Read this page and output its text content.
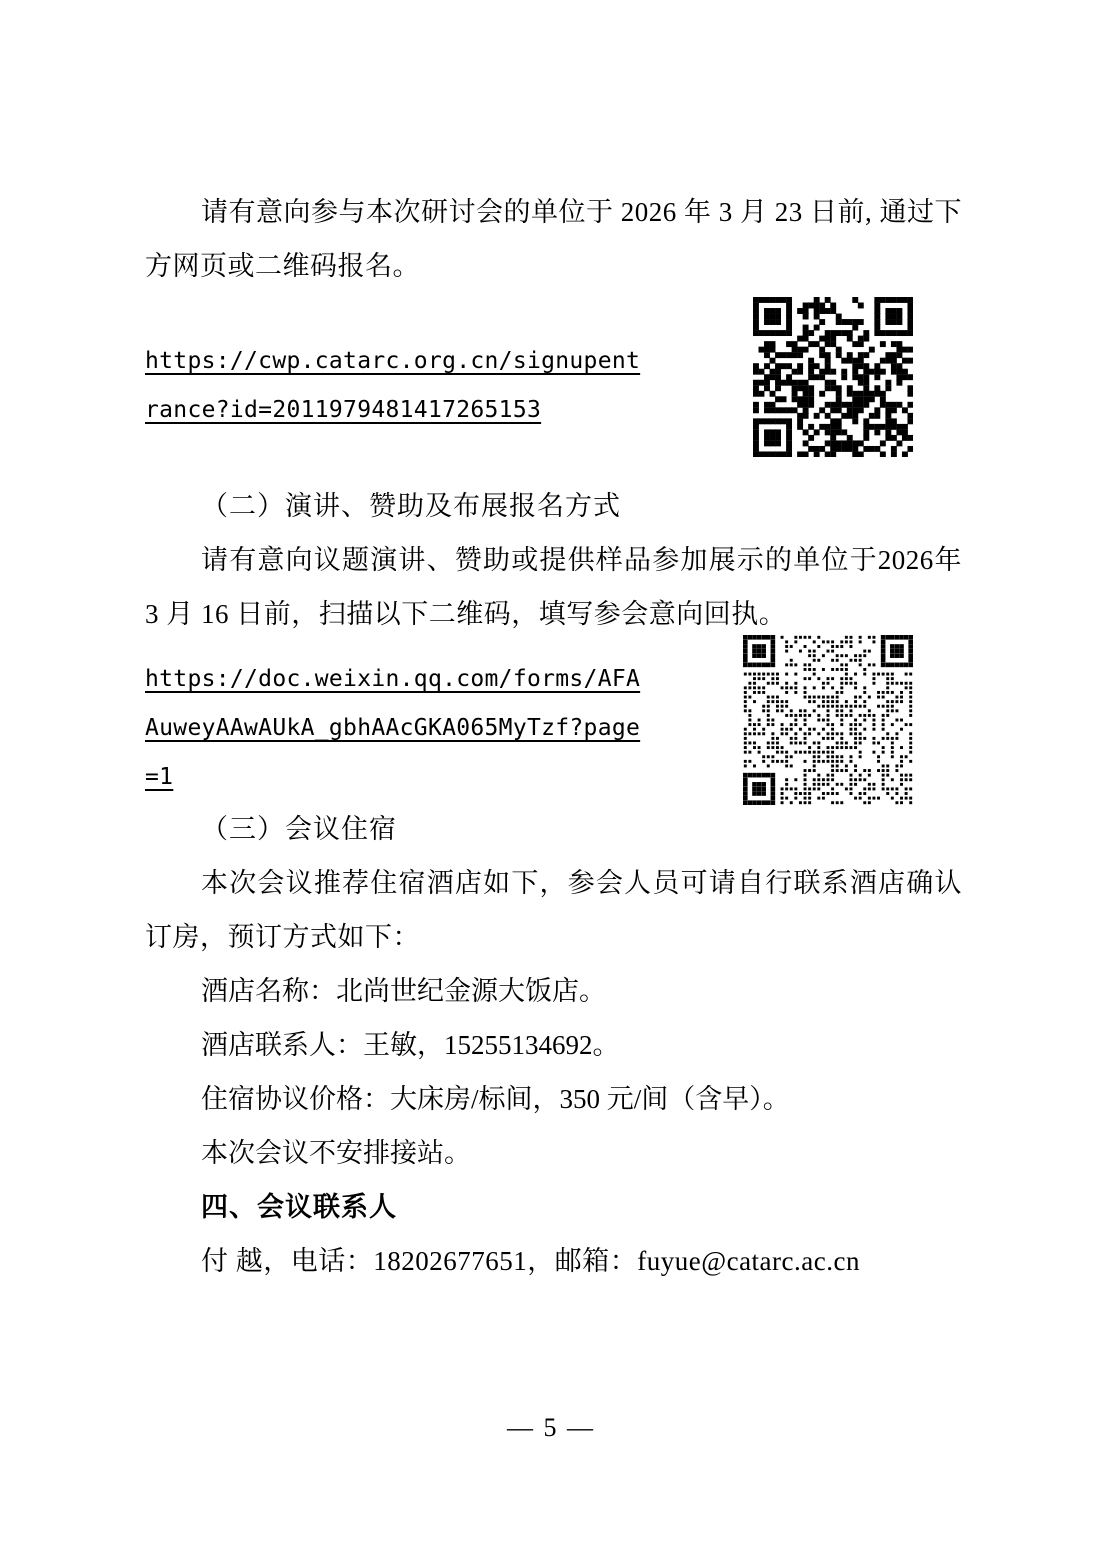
请有意向参与本次研讨会的单位于 2026 年 3 月 23 日前, 通过下方网页或二维码报名。

https://cwp.catarc.org.cn/signupent
rance?id=2011979481417265153

（二）演讲、赞助及布展报名方式

请有意向议题演讲、赞助或提供样品参加展示的单位于2026年 3 月 16 日前，扫描以下二维码，填写参会意向回执。

https://doc.weixin.qq.com/forms/AFA
AuweyAAwAUkA_gbhAAcGKA065MyTzf?page
=1

（三）会议住宿

本次会议推荐住宿酒店如下，参会人员可请自行联系酒店确认订房，预订方式如下：

酒店名称：北尚世纪金源大饭店。

酒店联系人：王敏，15255134692。

住宿协议价格：大床房/标间，350 元/间（含早）。

本次会议不安排接站。

四、会议联系人

付 越，电话：18202677651，邮箱：fuyue@catarc.ac.cn

— 5 —
